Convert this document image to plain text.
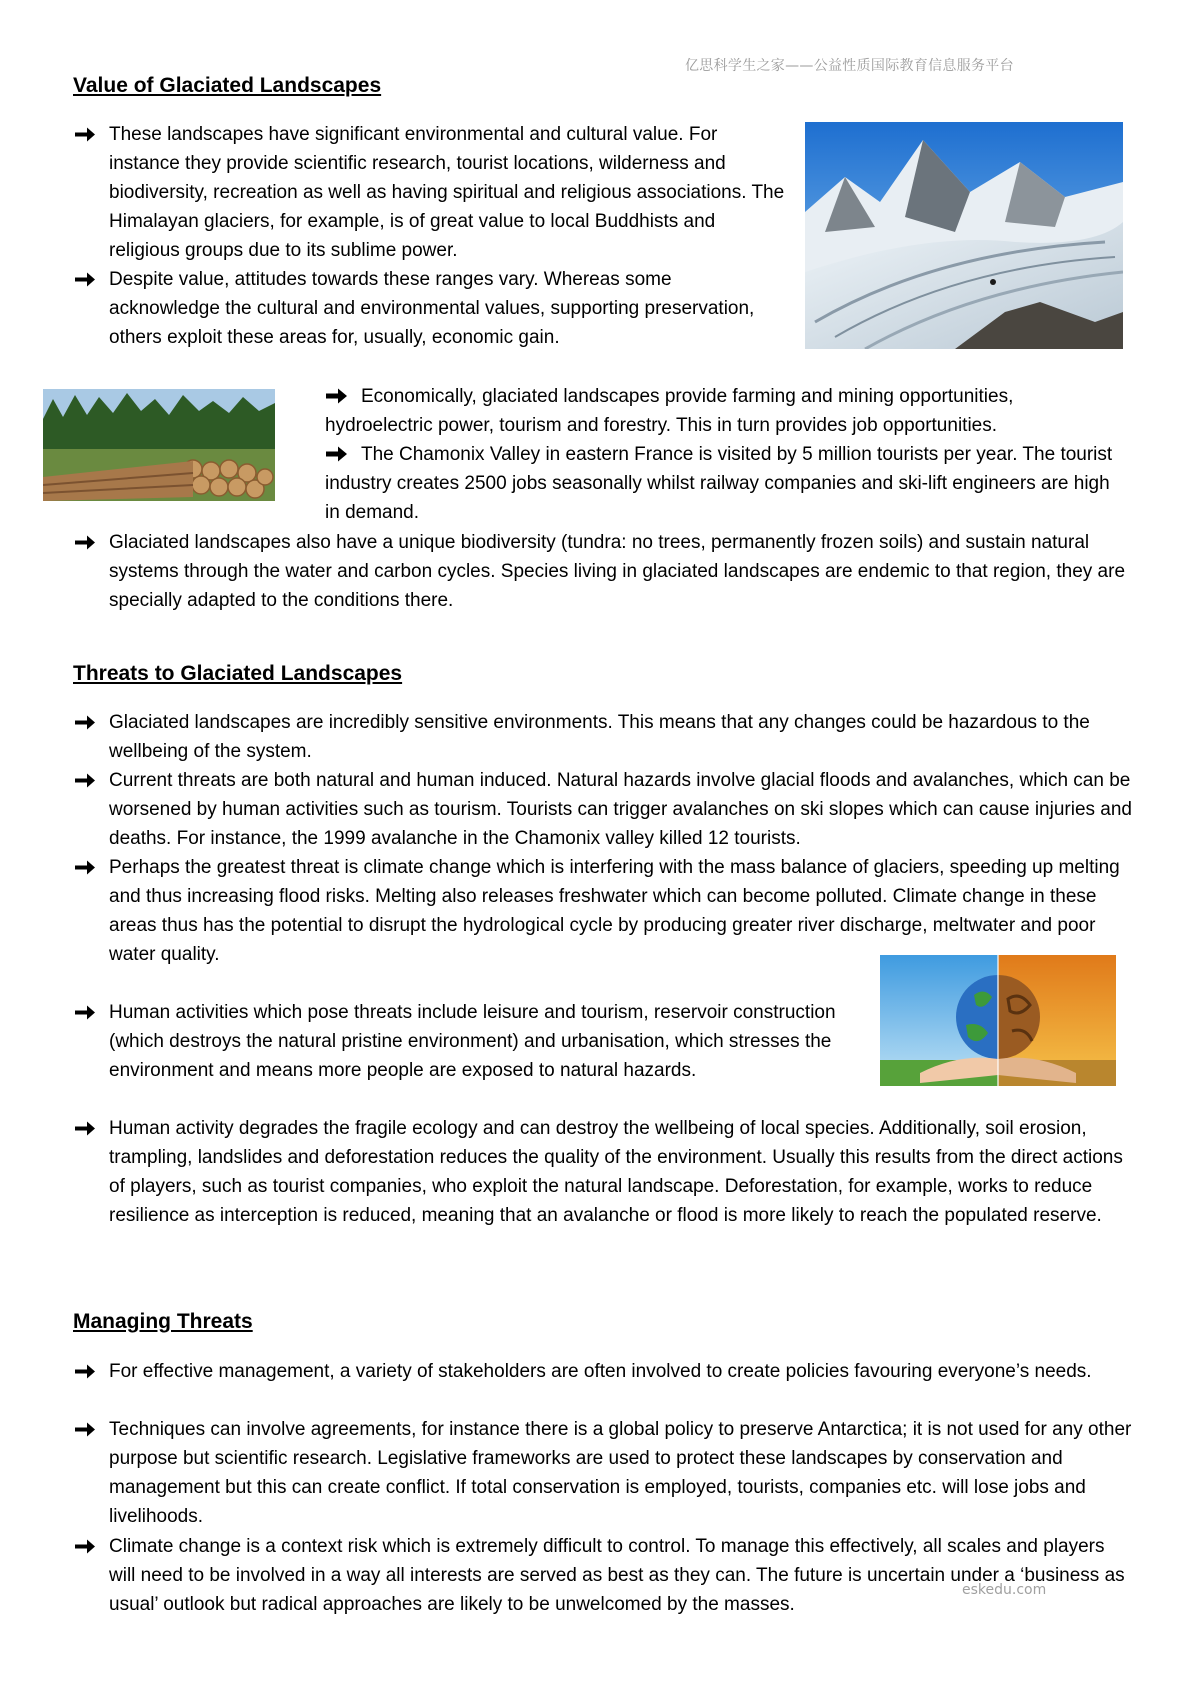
亿思科学生之家——公益性质国际教育信息服务平台
Value of Glaciated Landscapes
These landscapes have significant environmental and cultural value. For instance they provide scientific research, tourist locations, wilderness and biodiversity, recreation as well as having spiritual and religious associations. The Himalayan glaciers, for example, is of great value to local Buddhists and religious groups due to its sublime power.
Despite value, attitudes towards these ranges vary. Whereas some acknowledge the cultural and environmental values, supporting preservation, others exploit these areas for, usually, economic gain.
Economically, glaciated landscapes provide farming and mining opportunities, hydroelectric power, tourism and forestry. This in turn provides job opportunities.
The Chamonix Valley in eastern France is visited by 5 million tourists per year. The tourist industry creates 2500 jobs seasonally whilst railway companies and ski-lift engineers are high in demand.
Glaciated landscapes also have a unique biodiversity (tundra: no trees, permanently frozen soils) and sustain natural systems through the water and carbon cycles. Species living in glaciated landscapes are endemic to that region, they are specially adapted to the conditions there.
Threats to Glaciated Landscapes
Glaciated landscapes are incredibly sensitive environments. This means that any changes could be hazardous to the wellbeing of the system.
Current threats are both natural and human induced. Natural hazards involve glacial floods and avalanches, which can be worsened by human activities such as tourism. Tourists can trigger avalanches on ski slopes which can cause injuries and deaths. For instance, the 1999 avalanche in the Chamonix valley killed 12 tourists.
Perhaps the greatest threat is climate change which is interfering with the mass balance of glaciers, speeding up melting and thus increasing flood risks. Melting also releases freshwater which can become polluted. Climate change in these areas thus has the potential to disrupt the hydrological cycle by producing greater river discharge, meltwater and poor water quality.
Human activities which pose threats include leisure and tourism, reservoir construction (which destroys the natural pristine environment) and urbanisation, which stresses the environment and means more people are exposed to natural hazards.
Human activity degrades the fragile ecology and can destroy the wellbeing of local species. Additionally, soil erosion, trampling, landslides and deforestation reduces the quality of the environment. Usually this results from the direct actions of players, such as tourist companies, who exploit the natural landscape. Deforestation, for example, works to reduce resilience as interception is reduced, meaning that an avalanche or flood is more likely to reach the populated reserve.
Managing Threats
For effective management, a variety of stakeholders are often involved to create policies favouring everyone’s needs.
Techniques can involve agreements, for instance there is a global policy to preserve Antarctica; it is not used for any other purpose but scientific research. Legislative frameworks are used to protect these landscapes by conservation and management but this can create conflict. If total conservation is employed, tourists, companies etc. will lose jobs and livelihoods.
Climate change is a context risk which is extremely difficult to control. To manage this effectively, all scales and players will need to be involved in a way all interests are served as best as they can. The future is uncertain under a ‘business as usual’ outlook but radical approaches are likely to be unwelcomed by the masses.
eskedu.com
